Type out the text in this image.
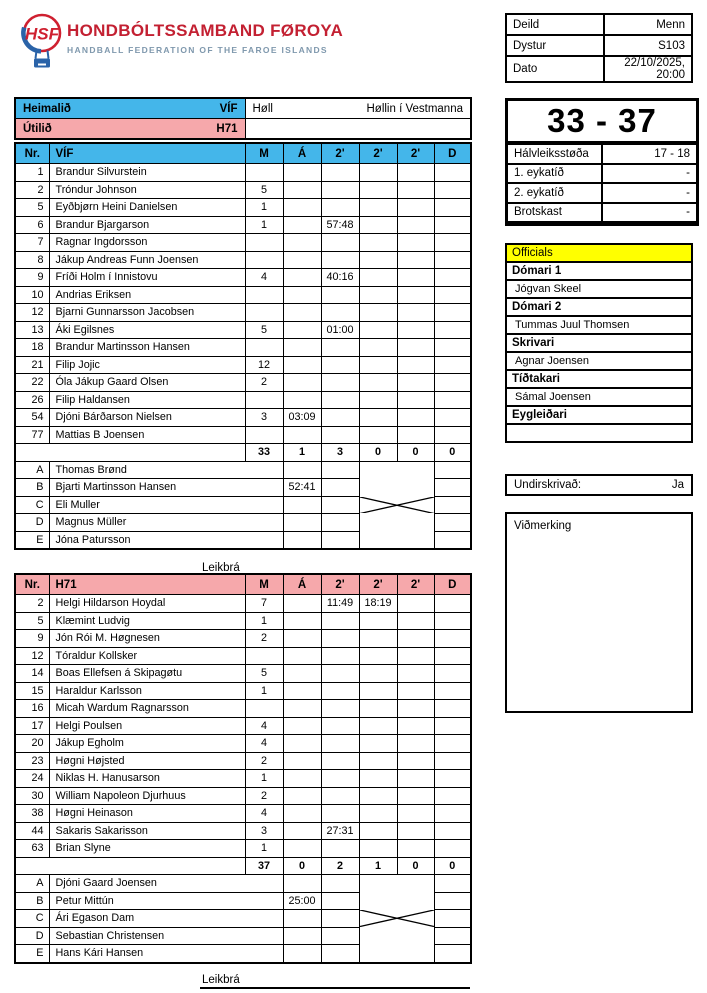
HSF HONDBÓLTSSAMBAND FØROYA
HANDBALL FEDERATION OF THE FAROE ISLANDS
Deild	Menn
Dystur	S103
Dato	22/10/2025, 20:00
Heimalið VÍF	Høll Høllin í Vestmanna

Útilið H71	
		33 - 37
Hálvleiksstøða	17 - 18
1. eykatíð	-
2. eykatíð	-
Brotskast	-
Officials
Dómari 1
Jógvan Skeel
Dómari 2
Tummas Juul Thomsen
Skrivari
Agnar Joensen
Tíðtakari
Sámal Joensen
Eygleiðari

Undirskrivað:	Ja
Viðmerking
Nr.	VÍF	M	Á	2'	2'	2'	D
1	Brandur Silvurstein						
2	Tróndur Johnson	5					
5	Eyðbjørn Heini Danielsen	1					
6	Brandur Bjargarson	1		57:48			
7	Ragnar Ingdorsson						
8	Jákup Andreas Funn Joensen						
9	Fríði Holm í Innistovu	4		40:16			
10	Andrias Eriksen						
12	Bjarni Gunnarsson Jacobsen						
13	Áki Egilsnes	5		01:00			
18	Brandur Martinsson Hansen						
21	Filip Jojic	12					
22	Óla Jákup Gaard Olsen	2					
26	Filip Haldansen						
54	Djóni Bárðarson Nielsen	3	03:09				
77	Mattias B Joensen						
		33	1	3	0	0	0
A	Thomas Brønd			

B	Bjarti Martinsson Hansen		52:41				
C	Eli Muller						
D	Magnus Müller						
E	Jóna Patursson						
Leikbrá
Nr.	H71	M	Á	2'	2'	2'	D
2	Helgi Hildarson Hoydal	7		11:49	18:19		
5	Klæmint Ludvig	1					
9	Jón Rói M. Høgnesen	2					
12	Tóraldur Kollsker						
14	Boas Ellefsen á Skipagøtu	5					
15	Haraldur Karlsson	1					
16	Micah Wardum Ragnarsson						
17	Helgi Poulsen	4					
20	Jákup Egholm	4					
23	Høgni Højsted	2					
24	Niklas H. Hanusarson	1					
30	William Napoleon Djurhuus	2					
38	Høgni Heinason	4					
44	Sakaris Sakarisson	3		27:31			
63	Brian Slyne	1					
		37	0	2	1	0	0
A	Djóni Gaard Joensen			

B	Petur Mittún		25:00				
C	Ári Egason Dam						
D	Sebastian Christensen						
E	Hans Kári Hansen						
Leikbrá
